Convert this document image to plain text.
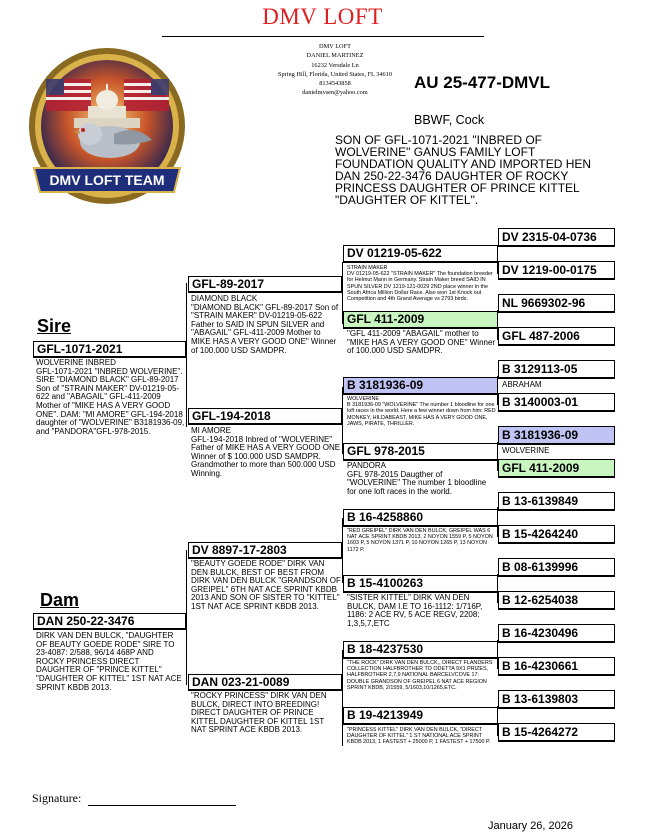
DMV LOFT
DMV LOFT
DANIEL MARTINEZ
16232 Versdale Ln
Spring Hill, Florida, United States, FL 34610
8134543858
danielmvsen@yahoo.com
DMV LOFT TEAM
AU 25-477-DMVL
BBWF, Cock
SON OF GFL-1071-2021 "INBRED OF WOLVERINE" GANUS FAMILY LOFT FOUNDATION QUALITY AND IMPORTED HEN DAN 250-22-3476 DAUGHTER OF ROCKY PRINCESS DAUGHTER OF PRINCE KITTEL "DAUGHTER OF KITTEL".
Sire
GFL-1071-2021
WOLVERINE INBRED
GFL-1071-2021 "INBRED WOLVERINE". SIRE "DIAMOND BLACK" GFL-89-2017 Son of "STRAIN MAKER" DV-01219-05-622 and "ABAGAIL" GFL-411-2009 Mother of "MIKE HAS A VERY GOOD ONE". DAM: "MI AMORE" GFL-194-2018 daughter of "WOLVERINE" B3181936-09, and "PANDORA"GFL-978-2015.
Dam
DAN 250-22-3476
DIRK VAN DEN BULCK, "DAUGHTER OF BEAUTY GOEDE RODE" SIRE TO 23-4087: 2/588, 96/14 468P AND ROCKY PRINCESS DIRECT DAUGHTER OF "PRINCE KITTEL" "DAUGHTER OF KITTEL" 1ST NAT ACE SPRINT KBDB 2013.
GFL-89-2017
DIAMOND BLACK
"DIAMOND BLACK" GFL-89-2017 Son of "STRAIN MAKER" DV-01219-05-622 Father to SAID IN SPUN SILVER and "ABAGAIL" GFL-411-2009 Mother to MIKE HAS A VERY GOOD ONE" Winner of 100.000 USD SAMDPR.
GFL-194-2018
MI AMORE
GFL-194-2018 Inbred of "WOLVERINE" Father of MIKE HAS A VERY GOOD ONE Winner of $ 100.000 USD SAMDPR. Grandmother to more than 500.000 USD Winning.
DV 8897-17-2803
"BEAUTY GOEDE RODE" DIRK VAN DEN BULCK, BEST OF BEST FROM DIRK VAN DEN BULCK "GRANDSON OF GREIPEL" 6TH NAT ACE SPRINT KBDB 2013 AND SON OF SISTER TO "KITTEL" 1ST NAT ACE SPRINT KBDB 2013.
DAN 023-21-0089
"ROCKY PRINCESS" DIRK VAN DEN BULCK, DIRECT INTO BREEDING! DIRECT DAUGHTER OF PRINCE KITTEL DAUGHTER OF KITTEL 1ST NAT SPRINT ACE KBDB 2013.
DV 01219-05-622
STRAIN MAKER
DV 01219-05-622 "STRAIN MAKER" The foundation breeder for Helmut Mann in Germany. Strain Maker breed SAID IN SPUN SILVER DV 1219-121-0029 2ND place winner in the South Africa Million Dollar Race. Also won 1st Knock out Competition and 4th Grand Average vs 2793 birds.
GFL 411-2009
"GFL 411-2009 "ABAGAIL" mother to "MIKE HAS A VERY GOOD ONE" Winner of 100.000 USD SAMDPR.
B 3181936-09
WOLVERINE
B 3181936-09 "WOLVERINE" The number 1 bloodline for one loft races in the world. Here a few winner down from him: RED MONKEY, HILDABEAST, MIKE HAS A VERY GOOD ONE, JAWS, PIRATE, THRILLER.
GFL 978-2015
PANDORA
GFL 978-2015 Daugther of "WOLVERINE" The number 1 bloodline for one loft races in the world.
B 16-4258860
"RED GREIPEL" DIRK VAN DEN BULCK, GREIPEL WAS 6 NAT ACE SPRINT KBDB 2013, 2 NOYON 1559 P, 5 NOYON 1603 P, 5 NOYON 1371 P, 10 NOYON 1265 P, 13 NOYON 1172 P.
B 15-4100263
"SISTER KITTEL" DIRK VAN DEN BULCK, DAM I.E TO 16-1112: 1/716P, 1186: 2 ACE RV, 5 ACE REGV, 2208: 1,3,5,7,ETC
B 18-4237530
"THE ROCK" DIRK VAN DEN BULCK,, DIRECT FLANDERS COLLECTION HALFBROTHER TO ODETTA 9X1 PRIZES, HALFBROTHER 2,7,9 NATIONAL BARCELVCOVE 17: DOUBLE GRANDSON OF GREIPEL 6 NAT ACE REGION SPRINT KBDB, 2/1559, 5/1603,10/1265,ETC.
B 19-4213949
"PRINCESS KITTEL" DIRK VAN DEN BULCK, "DIRECT DAUGHTER OF KITTEL" 1 ST NATIONAL ACE SPRINT KBDB 2013, 1 FASTEST + 25000 P, 1 FASTEST + 17500 P.
DV 2315-04-0736
DV 1219-00-0175
NL 9669302-96
GFL 487-2006
B 3129113-05
ABRAHAM
B 3140003-01
B 3181936-09
WOLVERINE
GFL 411-2009
B 13-6139849
B 15-4264240
B 08-6139996
B 12-6254038
B 16-4230496
B 16-4230661
B 13-6139803
B 15-4264272
Signature:
January 26, 2026
